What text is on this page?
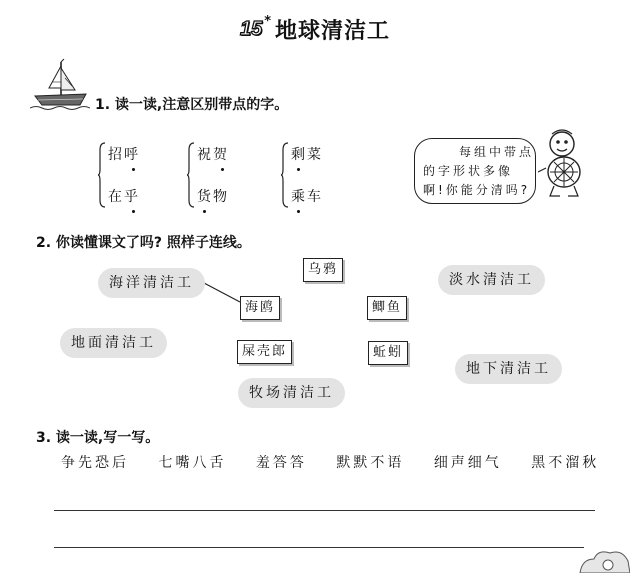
15 * 地球清洁工
1. 读一读,注意区别带点的字。
招呼
在乎
祝贺
货物
剩菜
乘车
每组中带点
的字形状多像
啊!你能分清吗?
2. 你读懂课文了吗? 照样子连线。
海洋清洁工
地面清洁工
牧场清洁工
淡水清洁工
地下清洁工
乌鸦
海鸥
屎壳郎
鲫鱼
蚯蚓
3. 读一读,写一写。
争先恐后 七嘴八舌 羞答答 默默不语 细声细气 黑不溜秋
